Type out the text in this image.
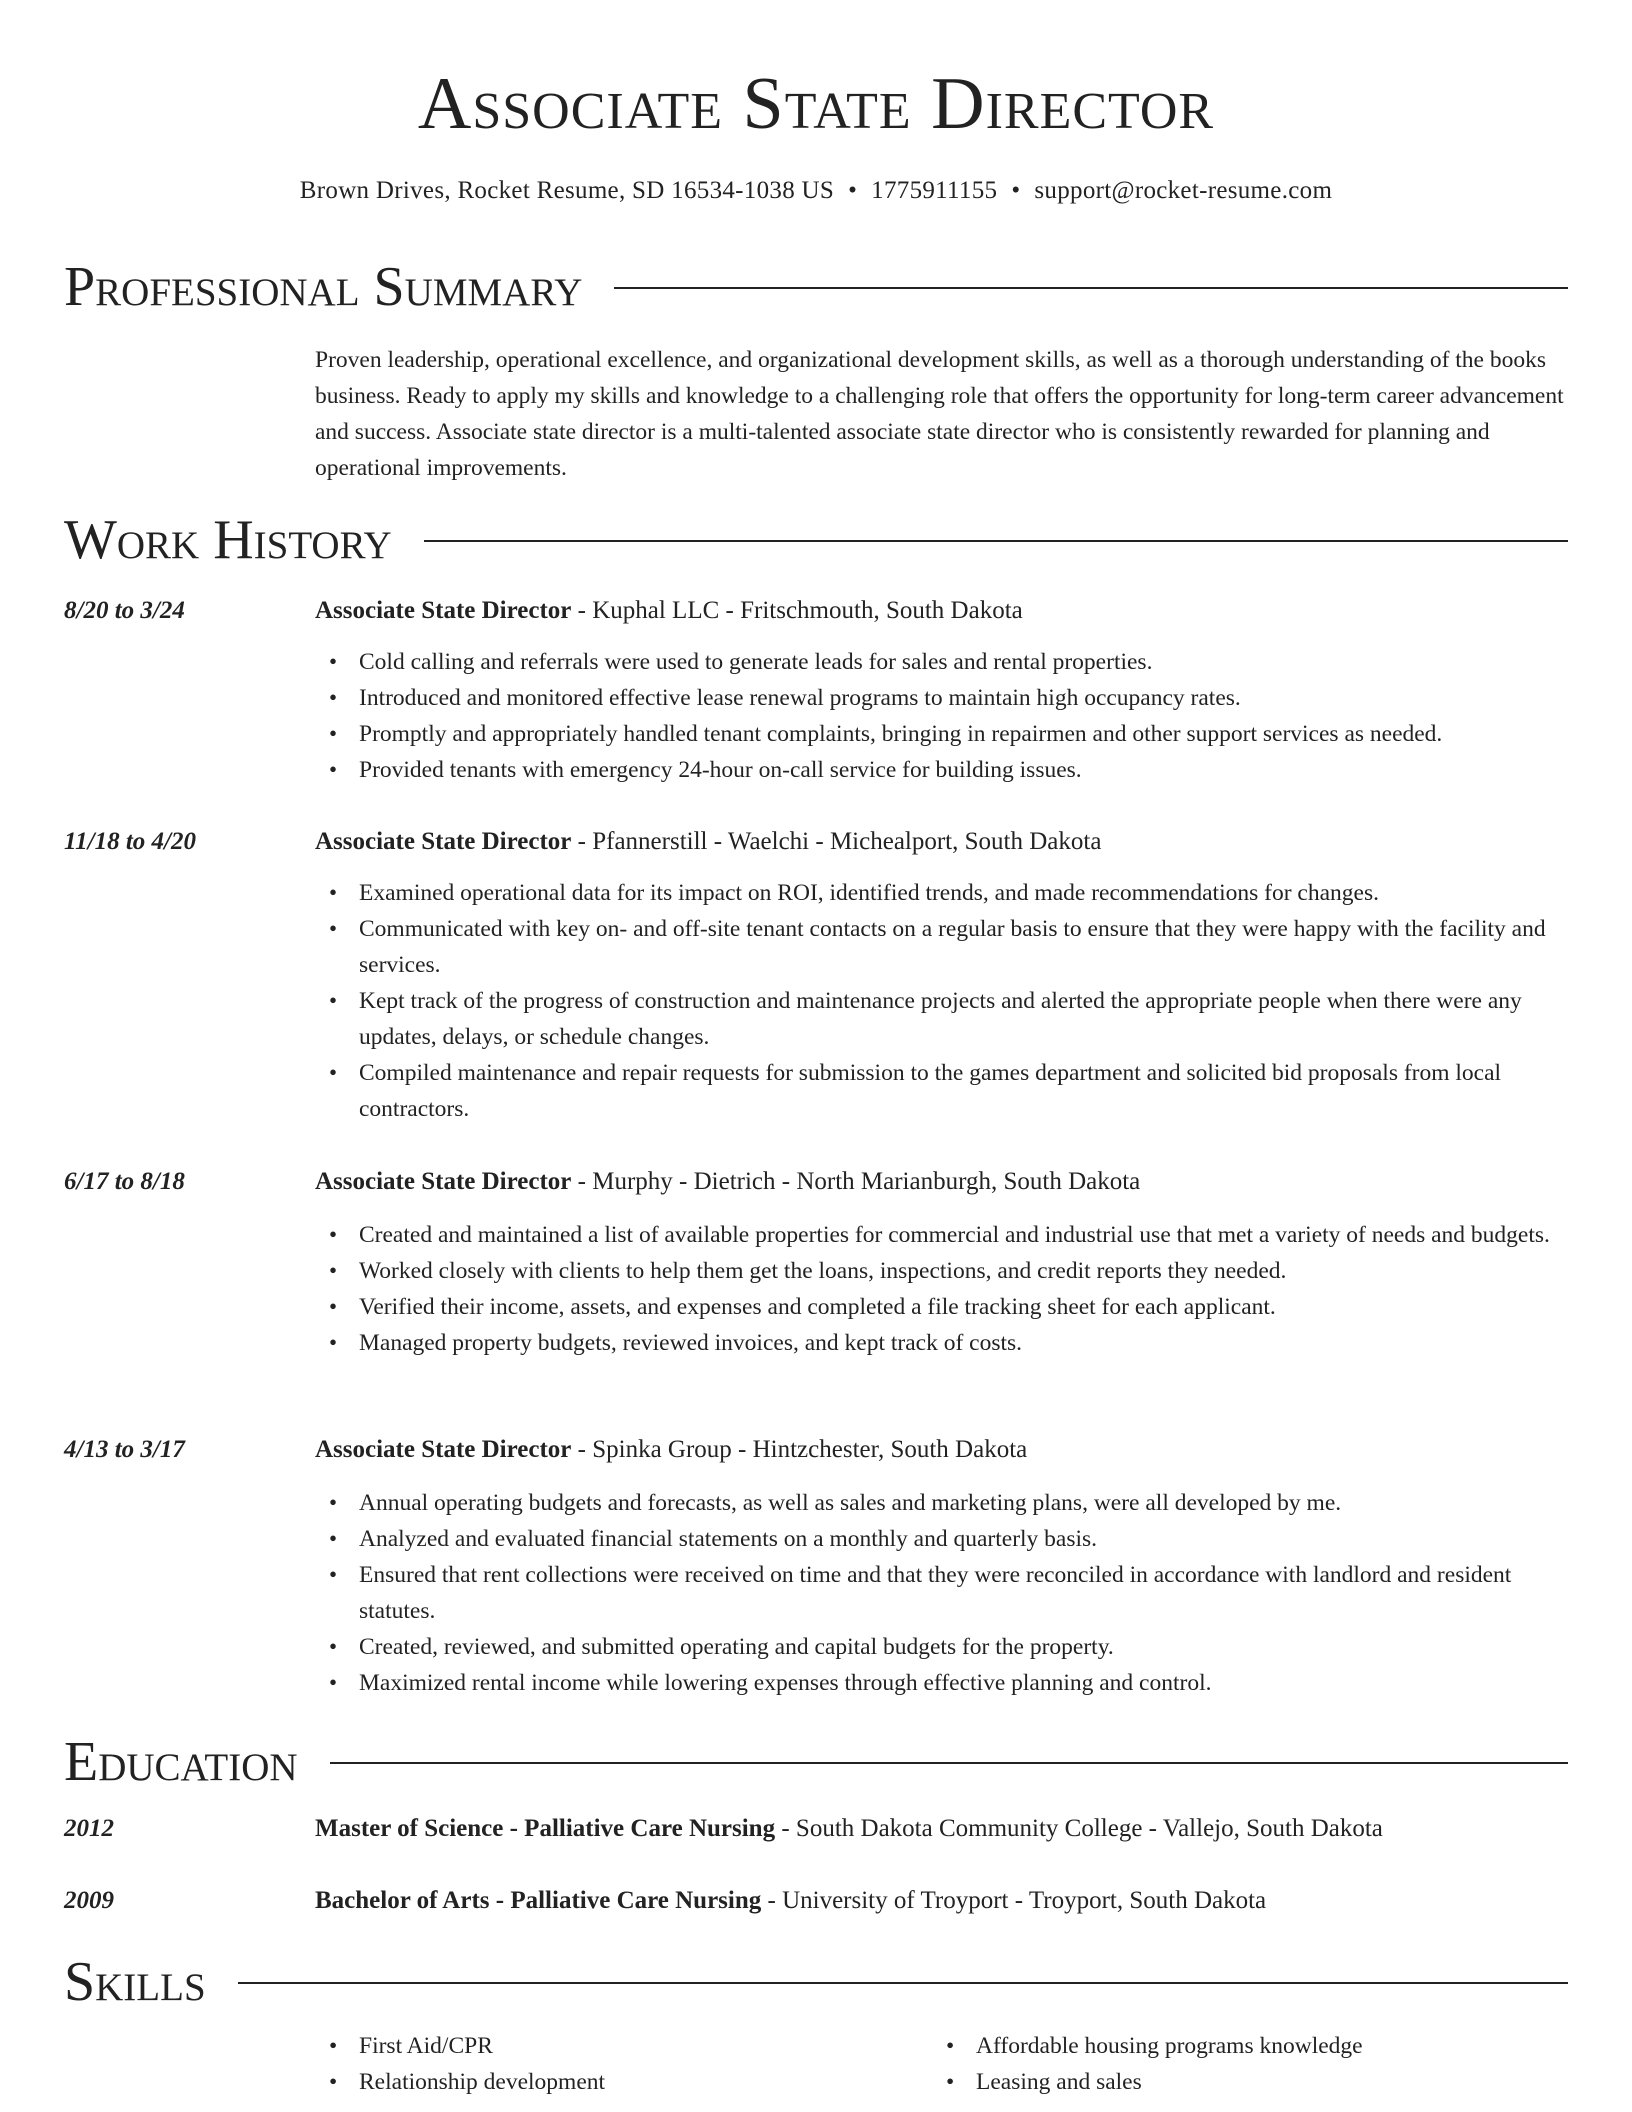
Associate State Director
Brown Drives, Rocket Resume, SD 16534-1038 US • 1775911155 • support@rocket-resume.com
Professional Summary

Proven leadership, operational excellence, and organizational development skills, as well as a thorough understanding of the books business. Ready to apply my skills and knowledge to a challenging role that offers the opportunity for long-term career advancement and success. Associate state director is a multi-talented associate state director who is consistently rewarded for planning and operational improvements.

Work History
8/20 to 3/24	Associate State Director - Kuphal LLC - Fritschmouth, South Dakota
• Cold calling and referrals were used to generate leads for sales and rental properties.
• Introduced and monitored effective lease renewal programs to maintain high occupancy rates.
• Promptly and appropriately handled tenant complaints, bringing in repairmen and other support services as needed.
• Provided tenants with emergency 24-hour on-call service for building issues.
11/18 to 4/20	Associate State Director - Pfannerstill - Waelchi - Michealport, South Dakota
• Examined operational data for its impact on ROI, identified trends, and made recommendations for changes.
• Communicated with key on- and off-site tenant contacts on a regular basis to ensure that they were happy with the facility and services.
• Kept track of the progress of construction and maintenance projects and alerted the appropriate people when there were any updates, delays, or schedule changes.
• Compiled maintenance and repair requests for submission to the games department and solicited bid proposals from local contractors.
6/17 to 8/18	Associate State Director - Murphy - Dietrich - North Marianburgh, South Dakota
• Created and maintained a list of available properties for commercial and industrial use that met a variety of needs and budgets.
• Worked closely with clients to help them get the loans, inspections, and credit reports they needed.
• Verified their income, assets, and expenses and completed a file tracking sheet for each applicant.
• Managed property budgets, reviewed invoices, and kept track of costs.
4/13 to 3/17	Associate State Director - Spinka Group - Hintzchester, South Dakota
• Annual operating budgets and forecasts, as well as sales and marketing plans, were all developed by me.
• Analyzed and evaluated financial statements on a monthly and quarterly basis.
• Ensured that rent collections were received on time and that they were reconciled in accordance with landlord and resident statutes.
• Created, reviewed, and submitted operating and capital budgets for the property.
• Maximized rental income while lowering expenses through effective planning and control.
Education
2012	Master of Science - Palliative Care Nursing - South Dakota Community College - Vallejo, South Dakota
2009	Bachelor of Arts - Palliative Care Nursing - University of Troyport - Troyport, South Dakota
Skills
• First Aid/CPR
• Relationship development
• Affordable housing programs knowledge
• Leasing and sales
